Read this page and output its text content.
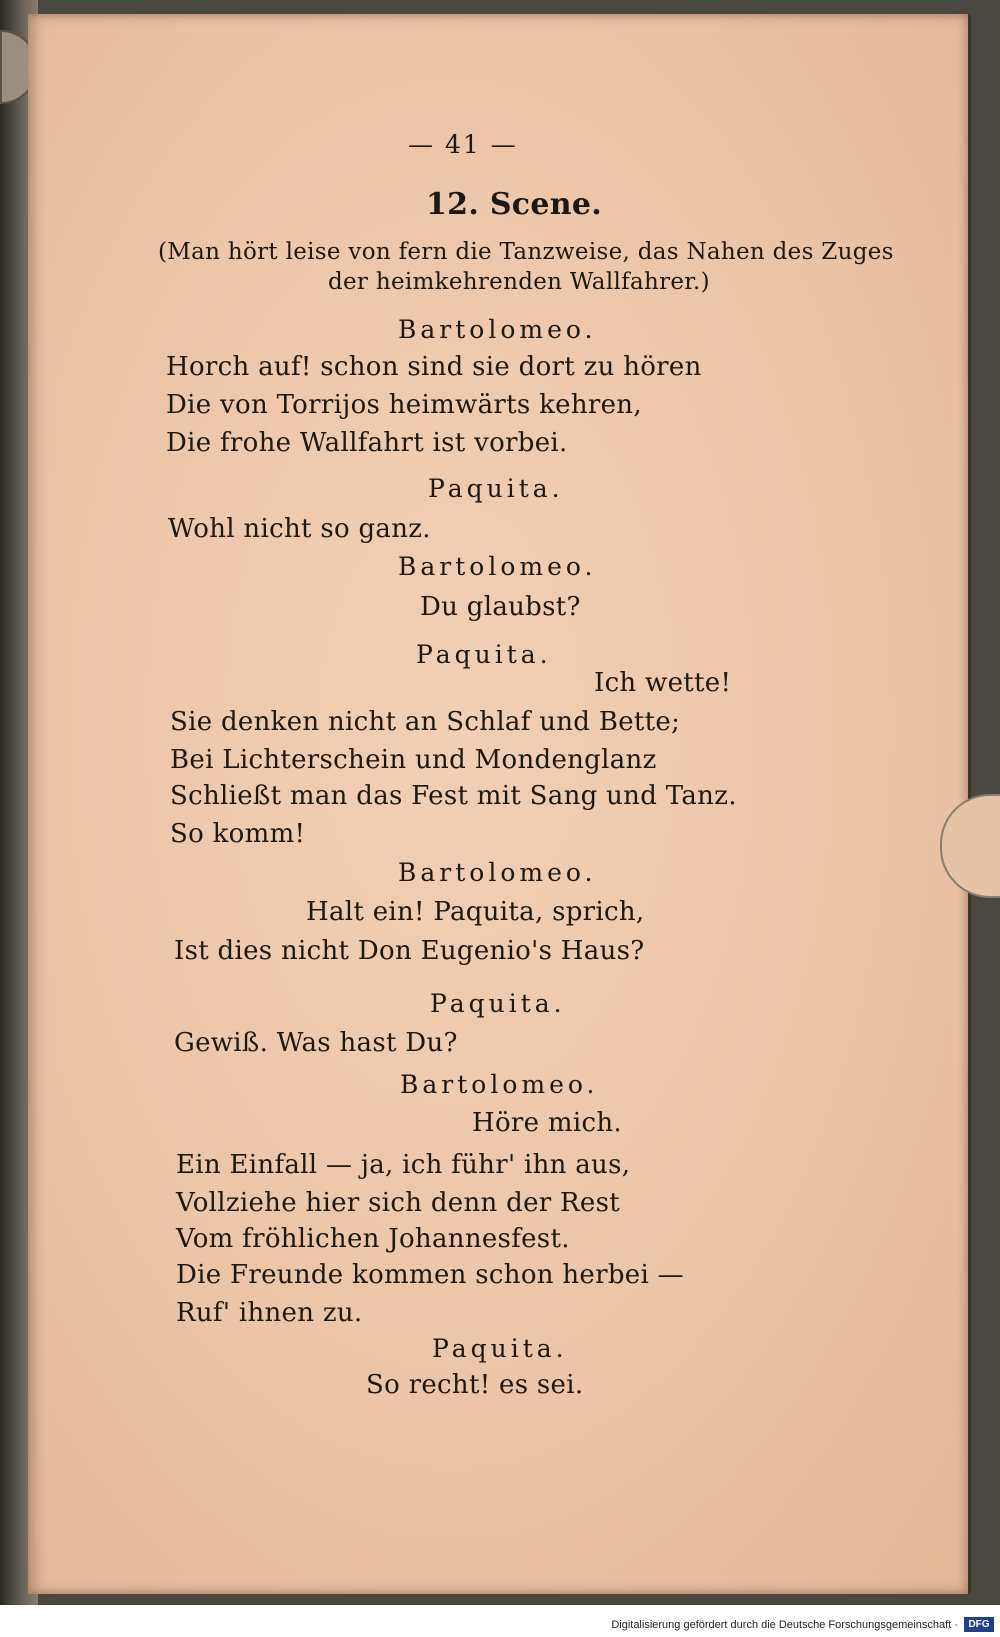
— 41 —
12. Scene.
(Man hört leise von fern die Tanzweise, das Nahen des Zuges
der heimkehrenden Wallfahrer.)
Bartolomeo.
Horch auf! schon sind sie dort zu hören
Die von Torrijos heimwärts kehren,
Die frohe Wallfahrt ist vorbei.
Paquita.
Wohl nicht so ganz.
Bartolomeo.
Du glaubst?
Paquita.
Ich wette!
Sie denken nicht an Schlaf und Bette;
Bei Lichterschein und Mondenglanz
Schließt man das Fest mit Sang und Tanz.
So komm!
Bartolomeo.
Halt ein! Paquita, sprich,
Ist dies nicht Don Eugenio's Haus?
Paquita.
Gewiß. Was hast Du?
Bartolomeo.
Höre mich.
Ein Einfall — ja, ich führ' ihn aus,
Vollziehe hier sich denn der Rest
Vom fröhlichen Johannesfest.
Die Freunde kommen schon herbei —
Ruf' ihnen zu.
Paquita.
So recht! es sei.
Digitalisierung gefördert durch die Deutsche Forschungsgemeinschaft ·	DFG
